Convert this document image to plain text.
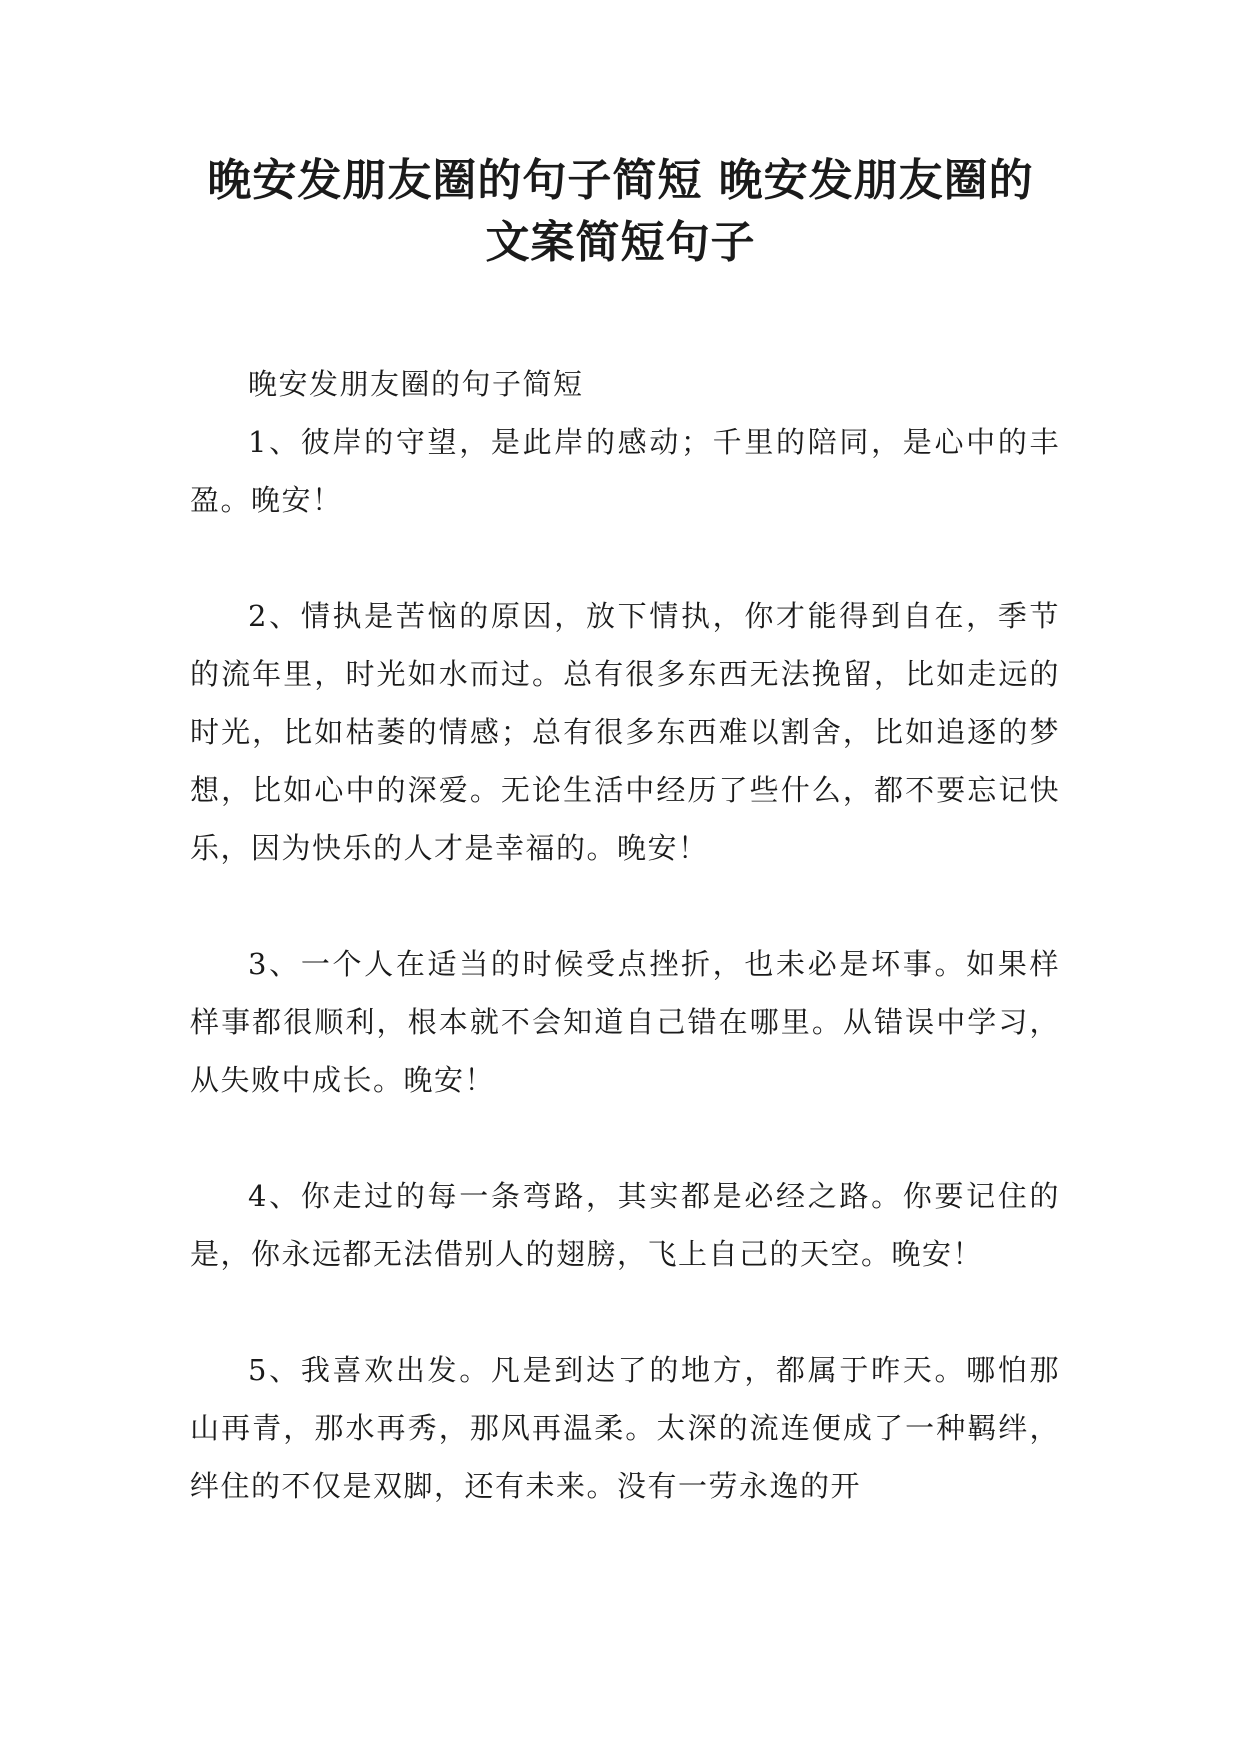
晚安发朋友圈的句子简短 晚安发朋友圈的
文案简短句子

晚安发朋友圈的句子简短

1、彼岸的守望，是此岸的感动；千里的陪同，是心中的丰盈。晚安！

2、情执是苦恼的原因，放下情执，你才能得到自在，季节的流年里，时光如水而过。总有很多东西无法挽留，比如走远的时光，比如枯萎的情感；总有很多东西难以割舍，比如追逐的梦想，比如心中的深爱。无论生活中经历了些什么，都不要忘记快乐，因为快乐的人才是幸福的。晚安！

3、一个人在适当的时候受点挫折，也未必是坏事。如果样样事都很顺利，根本就不会知道自己错在哪里。从错误中学习，从失败中成长。晚安！

4、你走过的每一条弯路，其实都是必经之路。你要记住的是，你永远都无法借别人的翅膀，飞上自己的天空。晚安！

5、我喜欢出发。凡是到达了的地方，都属于昨天。哪怕那山再青，那水再秀，那风再温柔。太深的流连便成了一种羁绊，绊住的不仅是双脚，还有未来。没有一劳永逸的开
